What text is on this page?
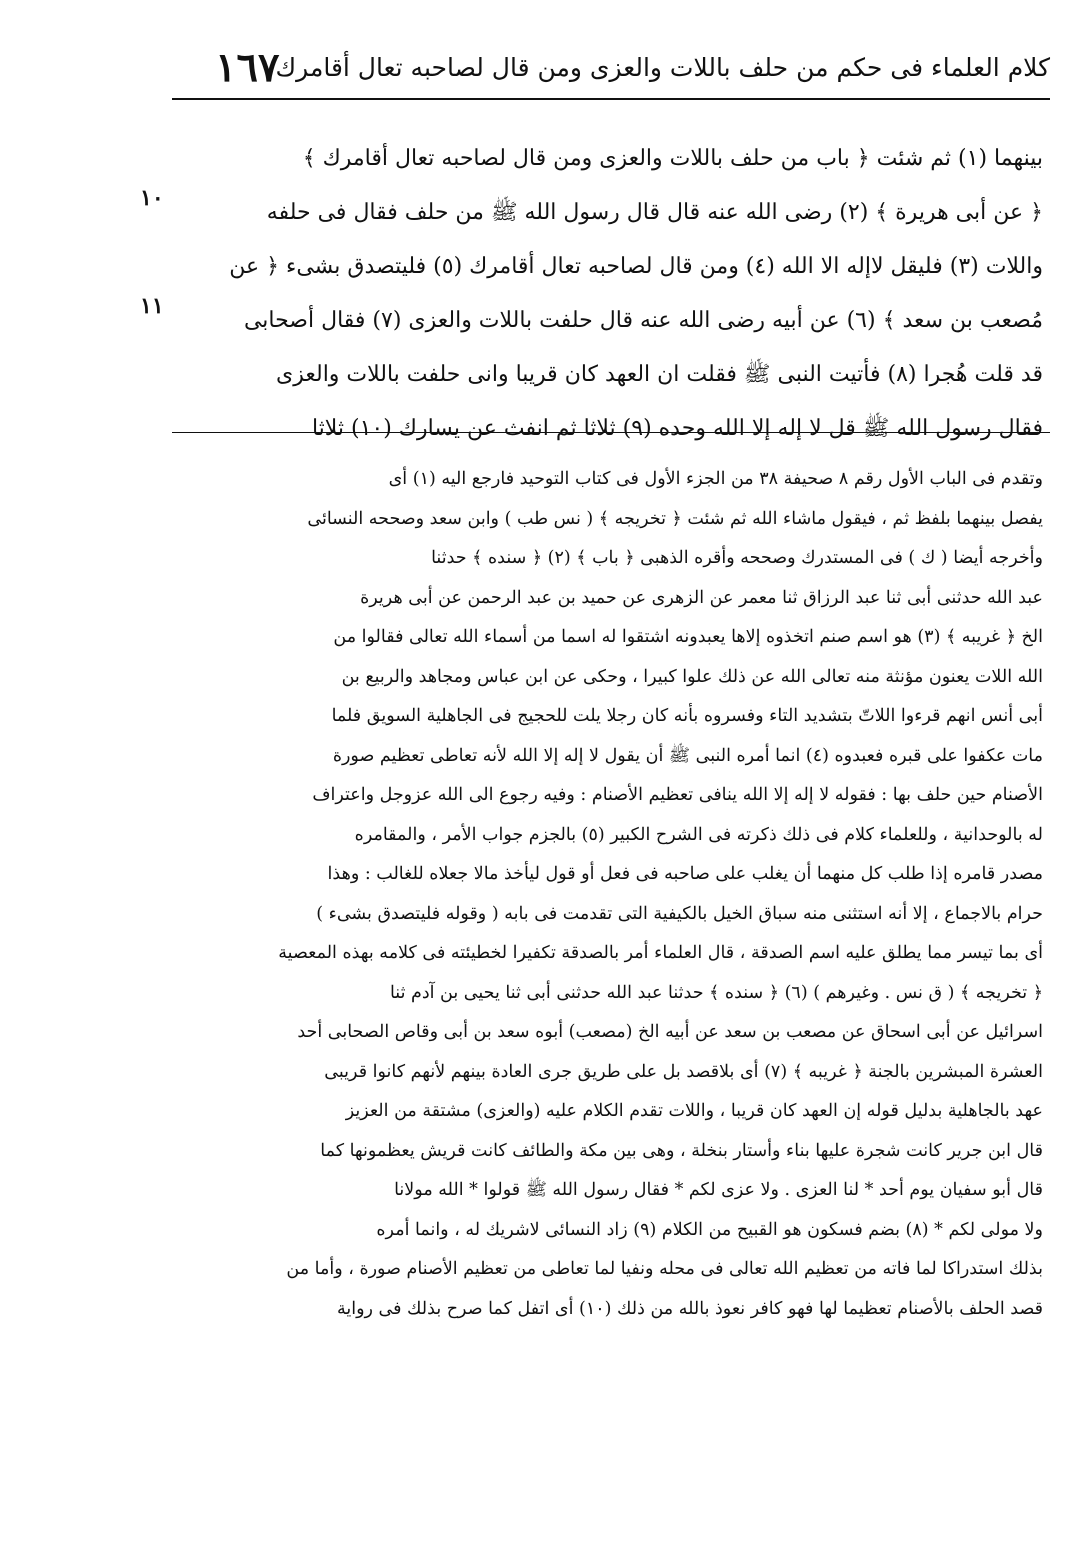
١٦٧
كلام العلماء فى حكم من حلف باللات والعزى ومن قال لصاحبه تعال أقامرك
بينهما (١) ثم شئت ﴿ باب من حلف باللات والعزى ومن قال لصاحبه تعال أقامرك ﴾
﴿ عن أبى هريرة ﴾ (٢) رضى الله عنه قال قال رسول الله ﷺ من حلف فقال فى حلفه
واللات (٣) فليقل لاإله الا الله (٤) ومن قال لصاحبه تعال أقامرك (٥) فليتصدق بشىء ﴿ عن
مُصعب بن سعد ﴾ (٦) عن أبيه رضى الله عنه قال حلفت باللات والعزى (٧) فقال أصحابى
قد قلت هُجرا (٨) فأتيت النبى ﷺ فقلت ان العهد كان قريبا وانى حلفت باللات والعزى
فقال رسول الله ﷺ قل لا إله إلا الله وحده (٩) ثلاثا ثم انفث عن يسارك (١٠) ثلاثا
١٠
١١
وتقدم فى الباب الأول رقم ٨ صحيفة ٣٨ من الجزء الأول فى كتاب التوحيد فارجع اليه (١) أى
يفصل بينهما بلفظ ثم ، فيقول ماشاء الله ثم شئت ﴿ تخريجه ﴾ ( نس طب ) وابن سعد وصححه النسائى
وأخرجه أيضا ( ك ) فى المستدرك وصححه وأقره الذهبى ﴿ باب ﴾ (٢) ﴿ سنده ﴾ حدثنا
عبد الله حدثنى أبى ثنا عبد الرزاق ثنا معمر عن الزهرى عن حميد بن عبد الرحمن عن أبى هريرة
الخ ﴿ غريبه ﴾ (٣) هو اسم صنم اتخذوه إلاها يعبدونه اشتقوا له اسما من أسماء الله تعالى فقالوا من
الله اللات يعنون مؤنثة منه تعالى الله عن ذلك علوا كبيرا ، وحكى عن ابن عباس ومجاهد والربيع بن
أبى أنس انهم قرءوا اللاتّ بتشديد التاء وفسروه بأنه كان رجلا يلت للحجيج فى الجاهلية السويق فلما
مات عكفوا على قبره فعبدوه (٤) انما أمره النبى ﷺ أن يقول لا إله إلا الله لأنه تعاطى تعظيم صورة
الأصنام حين حلف بها : فقوله لا إله إلا الله ينافى تعظيم الأصنام : وفيه رجوع الى الله عزوجل واعتراف
له بالوحدانية ، وللعلماء كلام فى ذلك ذكرته فى الشرح الكبير (٥) بالجزم جواب الأمر ، والمقامره
مصدر قامره إذا طلب كل منهما أن يغلب على صاحبه فى فعل أو قول ليأخذ مالا جعلاه للغالب : وهذا
حرام بالاجماع ، إلا أنه استثنى منه سباق الخيل بالكيفية التى تقدمت فى بابه ( وقوله فليتصدق بشىء )
أى بما تيسر مما يطلق عليه اسم الصدقة ، قال العلماء أمر بالصدقة تكفيرا لخطيئته فى كلامه بهذه المعصية
﴿ تخريجه ﴾ ( ق نس . وغيرهم ) (٦) ﴿ سنده ﴾ حدثنا عبد الله حدثنى أبى ثنا يحيى بن آدم ثنا
اسرائيل عن أبى اسحاق عن مصعب بن سعد عن أبيه الخ (مصعب) أبوه سعد بن أبى وقاص الصحابى أحد
العشرة المبشرين بالجنة ﴿ غريبه ﴾ (٧) أى بلاقصد بل على طريق جرى العادة بينهم لأنهم كانوا قريبى
عهد بالجاهلية بدليل قوله إن العهد كان قريبا ، واللات تقدم الكلام عليه (والعزى) مشتقة من العزيز
قال ابن جرير كانت شجرة عليها بناء وأستار بنخلة ، وهى بين مكة والطائف كانت قريش يعظمونها كما
قال أبو سفيان يوم أحد * لنا العزى . ولا عزى لكم * فقال رسول الله ﷺ قولوا * الله مولانا
ولا مولى لكم * (٨) بضم فسكون هو القبيح من الكلام (٩) زاد النسائى لاشريك له ، وانما أمره
بذلك استدراكا لما فاته من تعظيم الله تعالى فى محله ونفيا لما تعاطى من تعظيم الأصنام صورة ، وأما من
قصد الحلف بالأصنام تعظيما لها فهو كافر نعوذ بالله من ذلك (١٠) أى اتفل كما صرح بذلك فى رواية
